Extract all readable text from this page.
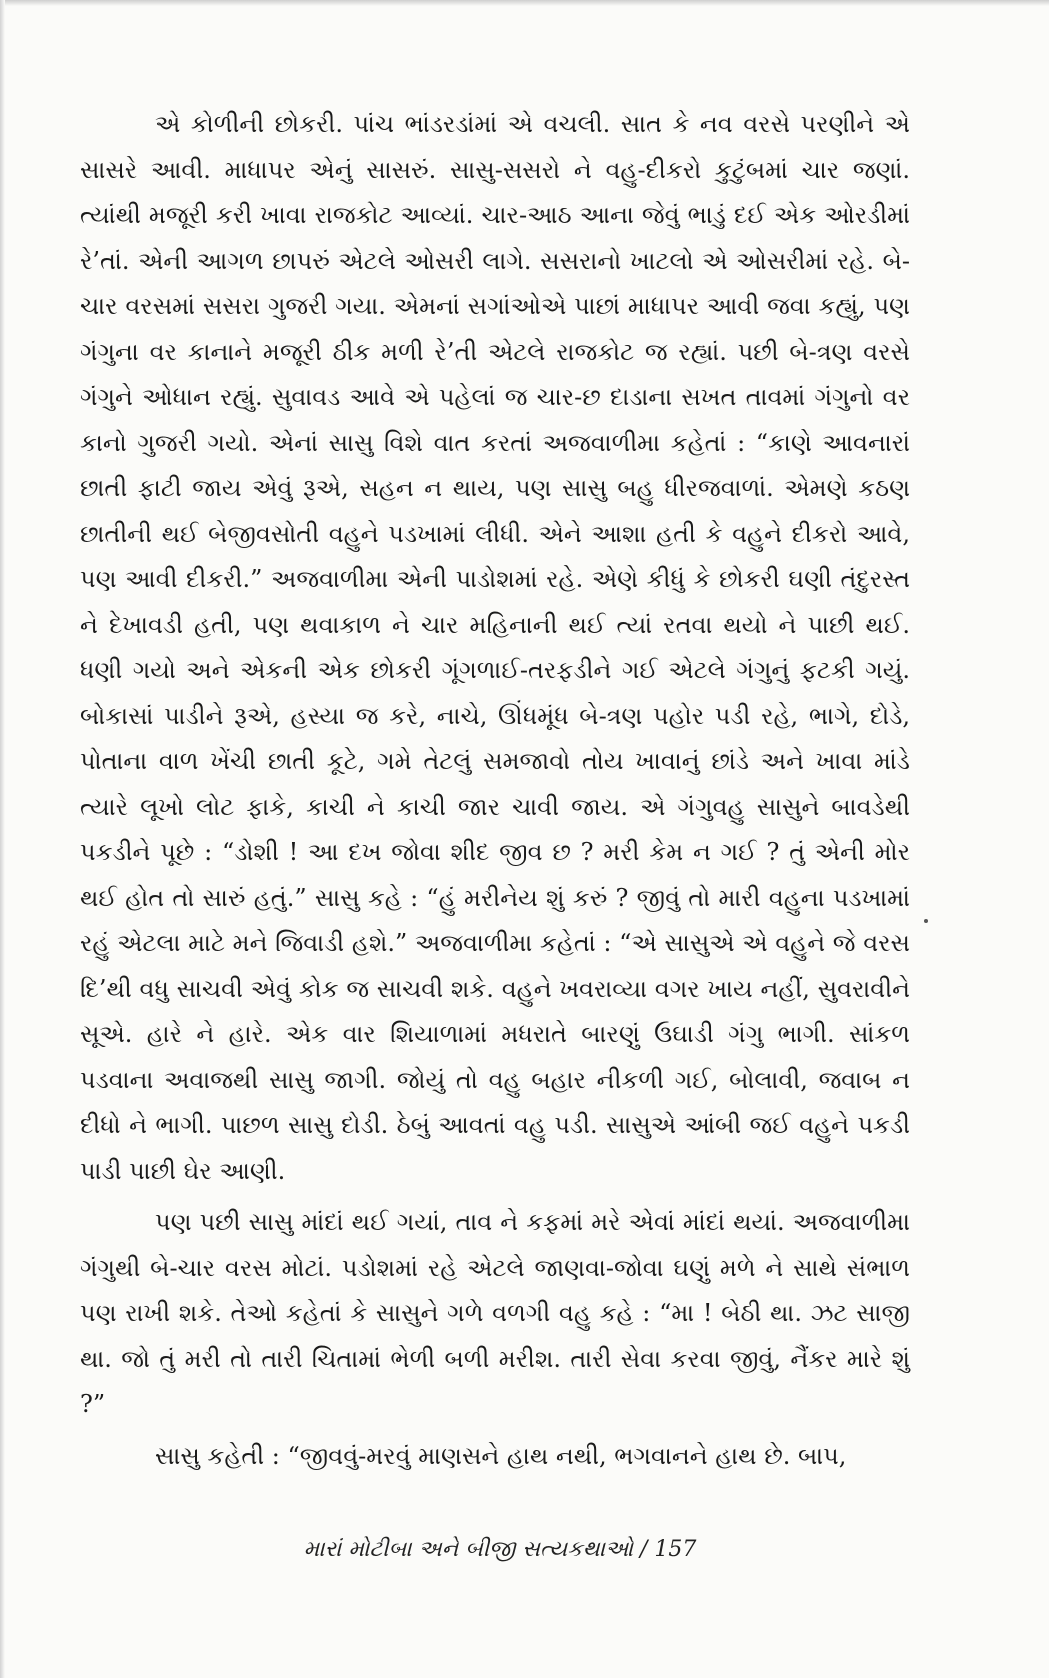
એ કોળીની છોકરી. પાંચ ભાંડરડાંમાં એ વચલી. સાત કે નવ વરસે પરણીને એ સાસરે આવી. માધાપર એનું સાસરું. સાસુ-સસરો ને વહુ-દીકરો કુટુંબમાં ચાર જણાં. ત્યાંથી મજૂરી કરી ખાવા રાજકોટ આવ્યાં. ચાર-આઠ આના જેવું ભાડું દઈ એક ઓરડીમાં રે’તાં. એની આગળ છાપરું એટલે ઓસરી લાગે. સસરાનો ખાટલો એ ઓસરીમાં રહે. બે-ચાર વરસમાં સસરા ગુજરી ગયા. એમનાં સગાંઓએ પાછાં માધાપર આવી જવા કહ્યું, પણ ગંગુના વર કાનાને મજૂરી ઠીક મળી રે’તી એટલે રાજકોટ જ રહ્યાં. પછી બે-ત્રણ વરસે ગંગુને ઓધાન રહ્યું. સુવાવડ આવે એ પહેલાં જ ચાર-છ દાડાના સખત તાવમાં ગંગુનો વર કાનો ગુજરી ગયો. એનાં સાસુ વિશે વાત કરતાં અજવાળીમા કહેતાં : “કાણે આવનારાં છાતી ફાટી જાય એવું રૂએ, સહન ન થાય, પણ સાસુ બહુ ધીરજવાળાં. એમણે કઠણ છાતીની થઈ બેજીવસોતી વહુને પડખામાં લીધી. એને આશા હતી કે વહુને દીકરો આવે, પણ આવી દીકરી.” અજવાળીમા એની પાડોશમાં રહે. એણે કીધું કે છોકરી ઘણી તંદુરસ્ત ને દેખાવડી હતી, પણ થવાકાળ ને ચાર મહિનાની થઈ ત્યાં રતવા થયો ને પાછી થઈ. ધણી ગયો અને એકની એક છોકરી ગૂંગળાઈ-તરફડીને ગઈ એટલે ગંગુનું ફટકી ગયું. બોકાસાં પાડીને રૂએ, હસ્યા જ કરે, નાચે, ઊંધમૂંધ બે-ત્રણ પહોર પડી રહે, ભાગે, દોડે, પોતાના વાળ ખેંચી છાતી કૂટે, ગમે તેટલું સમજાવો તોય ખાવાનું છાંડે અને ખાવા માંડે ત્યારે લૂખો લોટ ફાકે, કાચી ને કાચી જાર ચાવી જાય. એ ગંગુવહુ સાસુને બાવડેથી પકડીને પૂછે : “ડોશી ! આ દખ જોવા શીદ જીવ છ ? મરી કેમ ન ગઈ ? તું એની મોર થઈ હોત તો સારું હતું.” સાસુ કહે : “હું મરીનેય શું કરું ? જીવું તો મારી વહુના પડખામાં રહું એટલા માટે મને જિવાડી હશે.” અજવાળીમા કહેતાં : “એ સાસુએ એ વહુને જે વરસ દિ’થી વધુ સાચવી એવું કોક જ સાચવી શકે. વહુને ખવરાવ્યા વગર ખાય નહીં, સુવરાવીને સૂએ. હારે ને હારે. એક વાર શિયાળામાં મધરાતે બારણું ઉઘાડી ગંગુ ભાગી. સાંકળ પડવાના અવાજથી સાસુ જાગી. જોયું તો વહુ બહાર નીકળી ગઈ, બોલાવી, જવાબ ન દીધો ને ભાગી. પાછળ સાસુ દોડી. ઠેબું આવતાં વહુ પડી. સાસુએ આંબી જઈ વહુને પકડી પાડી પાછી ઘેર આણી.

પણ પછી સાસુ માંદાં થઈ ગયાં, તાવ ને કફમાં મરે એવાં માંદાં થયાં. અજવાળીમા ગંગુથી બે-ચાર વરસ મોટાં. પડોશમાં રહે એટલે જાણવા-જોવા ઘણું મળે ને સાથે સંભાળ પણ રાખી શકે. તેઓ કહેતાં કે સાસુને ગળે વળગી વહુ કહે : “મા ! બેઠી થા. ઝટ સાજી થા. જો તું મરી તો તારી ચિતામાં ભેળી બળી મરીશ. તારી સેવા કરવા જીવું, નૈંકર મારે શું ?”

સાસુ કહેતી : “જીવવું-મરવું માણસને હાથ નથી, ભગવાનને હાથ છે. બાપ,

મારાં મોટીબા અને બીજી સત્યકથાઓ / 157
